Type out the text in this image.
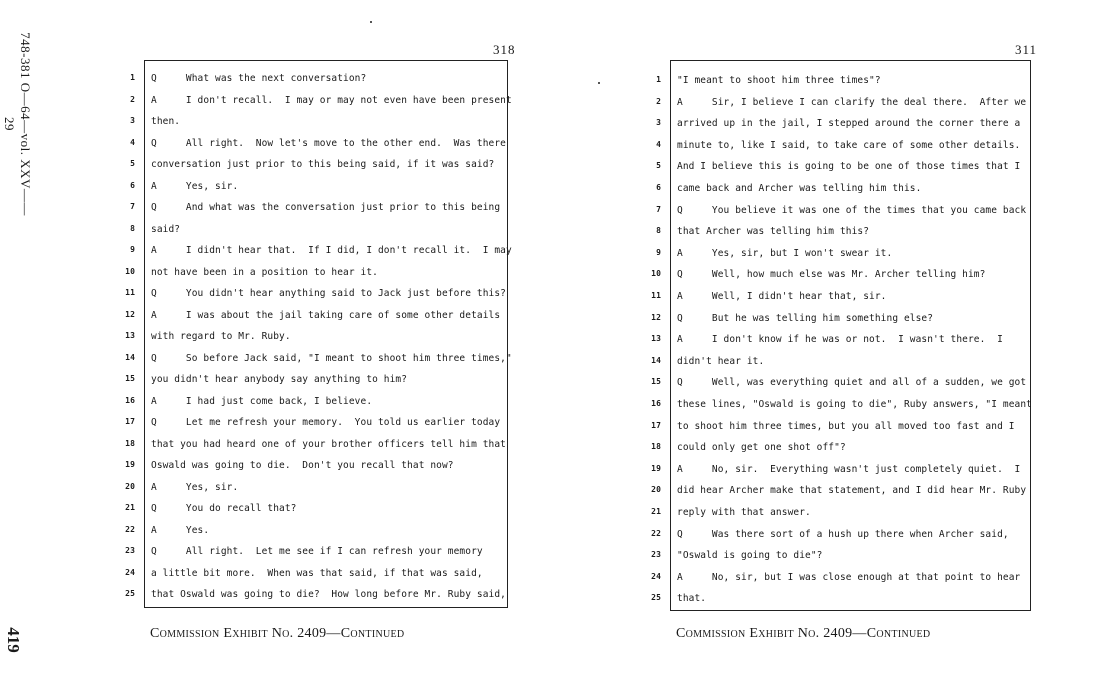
748-381 O—64—vol. XXV——29
419
318
1 Q     What was the next conversation?
2 A     I don't recall.  I may or may not even have been present
3 then.
4 Q     All right.  Now let's move to the other end.  Was there
5 conversation just prior to this being said, if it was said?
6 A     Yes, sir.
7 Q     And what was the conversation just prior to this being
8 said?
9 A     I didn't hear that.  If I did, I don't recall it.  I may
10 not have been in a position to hear it.
11 Q     You didn't hear anything said to Jack just before this?
12 A     I was about the jail taking care of some other details
13 with regard to Mr. Ruby.
14 Q     So before Jack said, "I meant to shoot him three times,"
15 you didn't hear anybody say anything to him?
16 A     I had just come back, I believe.
17 Q     Let me refresh your memory.  You told us earlier today
18 that you had heard one of your brother officers tell him that
19 Oswald was going to die.  Don't you recall that now?
20 A     Yes, sir.
21 Q     You do recall that?
22 A     Yes.
23 Q     All right.  Let me see if I can refresh your memory
24 a little bit more.  When was that said, if that was said,
25 that Oswald was going to die?  How long before Mr. Ruby said,
Commission Exhibit No. 2409—Continued
311
1 "I meant to shoot him three times"?
2 A     Sir, I believe I can clarify the deal there.  After we
3 arrived up in the jail, I stepped around the corner there a
4 minute to, like I said, to take care of some other details.
5 And I believe this is going to be one of those times that I
6 came back and Archer was telling him this.
7 Q     You believe it was one of the times that you came back
8 that Archer was telling him this?
9 A     Yes, sir, but I won't swear it.
10 Q     Well, how much else was Mr. Archer telling him?
11 A     Well, I didn't hear that, sir.
12 Q     But he was telling him something else?
13 A     I don't know if he was or not.  I wasn't there.  I
14 didn't hear it.
15 Q     Well, was everything quiet and all of a sudden, we got
16 these lines, "Oswald is going to die", Ruby answers, "I meant
17 to shoot him three times, but you all moved too fast and I
18 could only get one shot off"?
19 A     No, sir.  Everything wasn't just completely quiet.  I
20 did hear Archer make that statement, and I did hear Mr. Ruby
21 reply with that answer.
22 Q     Was there sort of a hush up there when Archer said,
23 "Oswald is going to die"?
24 A     No, sir, but I was close enough at that point to hear
25 that.
Commission Exhibit No. 2409—Continued
